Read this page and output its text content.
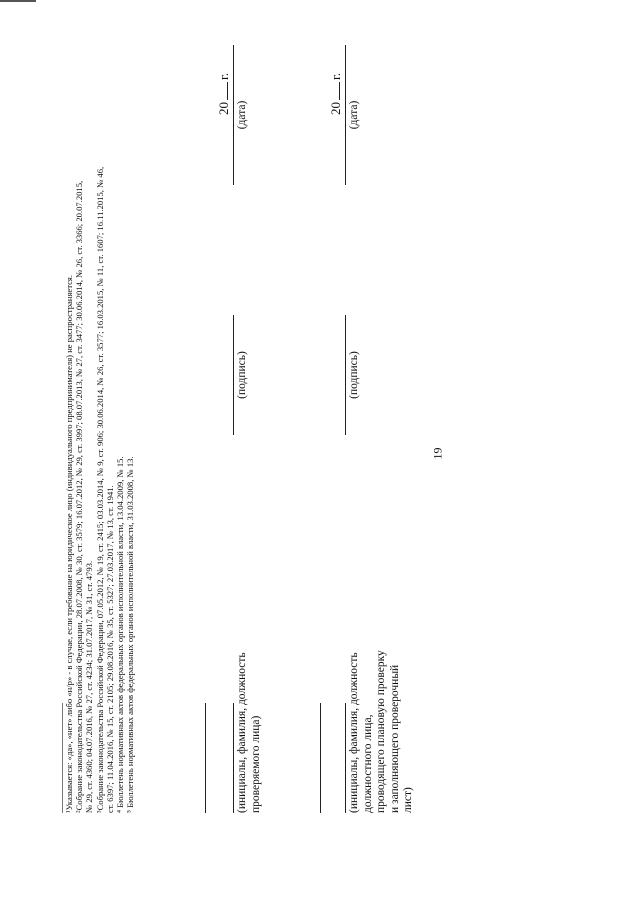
19
¹Указывается: «да», «нет» либо «н/р» - в случае, если требование на юридическое лицо (индивидуального предпринимателя) не распространяется. ²Собрание законодательства Российской Федерации, 28.07.2008, № 30, ст. 3579; 16.07.2012, № 29, ст. 3997; 08.07.2013, № 27, ст. 3477; 30.06.2014, № 26, ст. 3366; 20.07.2015, № 29, ст. 4360; 04.07.2016, № 27, ст. 4234; 31.07.2017, № 31, ст. 4793. ³Собрание законодательства Российской Федерации, 07.05.2012, № 19, ст. 2415; 03.03.2014, № 9, ст. 906; 30.06.2014, № 26, ст. 3577; 16.03.2015, № 11, ст. 1607; 16.11.2015, № 46, ст. 6397; 11.04.2016, № 15, ст. 2105; 29.08.2016, № 35, ст. 5327; 27.03.2017, № 13, ст. 1941. ⁴ Бюллетень нормативных актов федеральных органов исполнительной власти, 13.04.2009, № 15. ⁵ Бюллетень нормативных актов федеральных органов исполнительной власти, 31.03.2008, № 13.	(инициалы, фамилия, должность проверяемого лица)
(подпись)
(дата)
20г.
(инициалы, фамилия, должность должностного лица, проводящего плановую проверку и заполняющего проверочный лист)
(подпись)
(дата)
20г.
